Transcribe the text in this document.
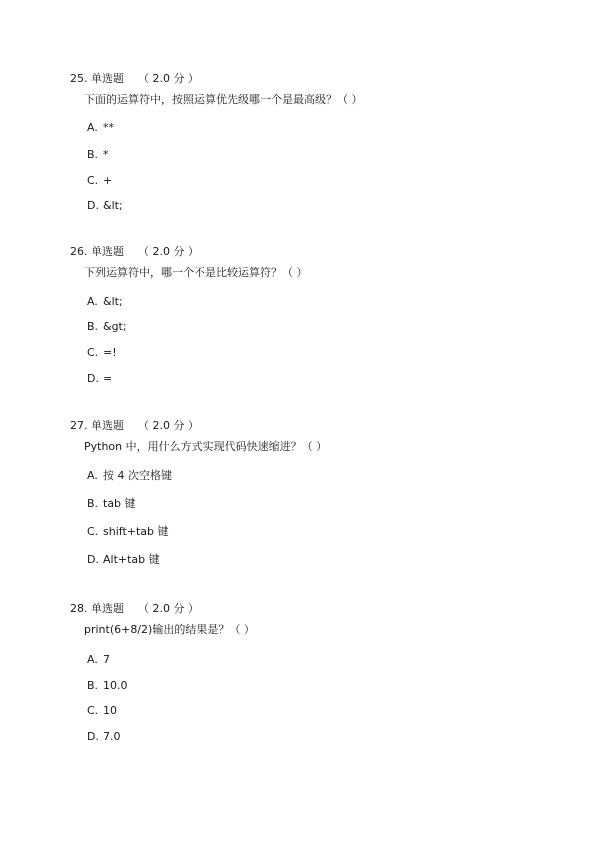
25. 单选题 （ 2.0 分 ）
下面的运算符中，按照运算优先级哪一个是最高级？（ ）
A. **
B. *
C. +
D. &lt;
26. 单选题 （ 2.0 分 ）
下列运算符中，哪一个不是比较运算符？（ ）
A. &lt;
B. &gt;
C. =!
D. =
27. 单选题 （ 2.0 分 ）
Python 中，用什么方式实现代码快速缩进？（ ）
A. 按 4 次空格键
B. tab 键
C. shift+tab 键
D. Alt+tab 键
28. 单选题 （ 2.0 分 ）
print(6+8/2)输出的结果是？（ ）
A. 7
B. 10.0
C. 10
D. 7.0
